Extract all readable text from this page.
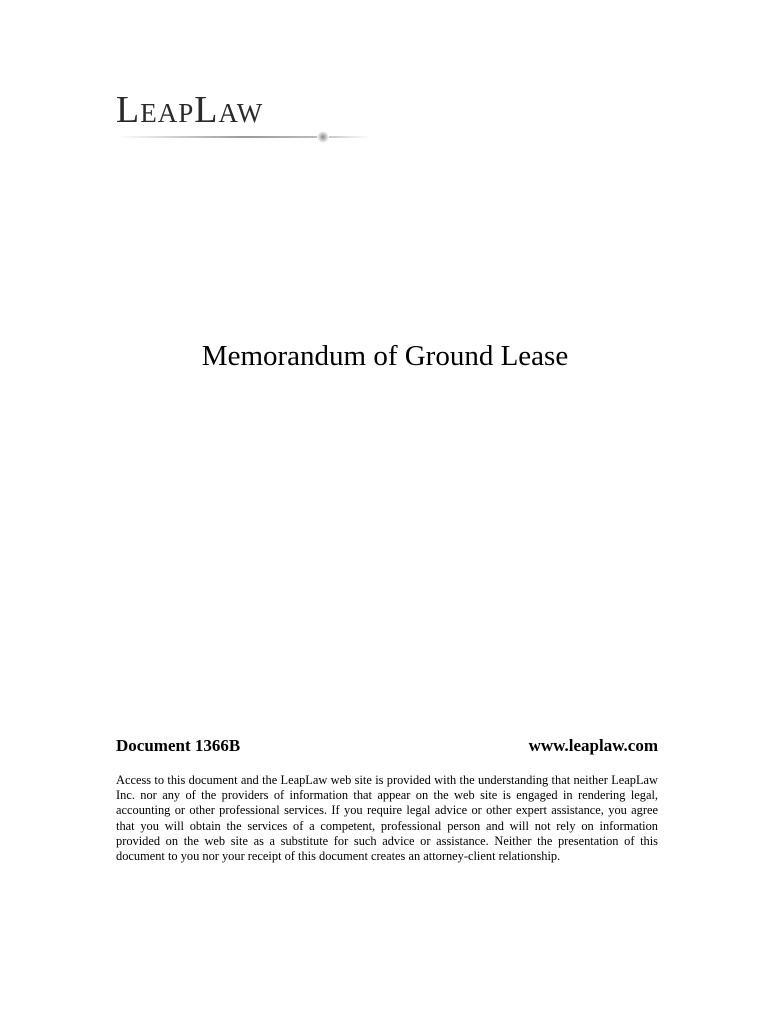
LeapLaw
Memorandum of Ground Lease
Document 1366B	www.leaplaw.com
Access to this document and the LeapLaw web site is provided with the understanding that neither LeapLaw Inc. nor any of the providers of information that appear on the web site is engaged in rendering legal, accounting or other professional services. If you require legal advice or other expert assistance, you agree that you will obtain the services of a competent, professional person and will not rely on information provided on the web site as a substitute for such advice or assistance. Neither the presentation of this document to you nor your receipt of this document creates an attorney-client relationship.
